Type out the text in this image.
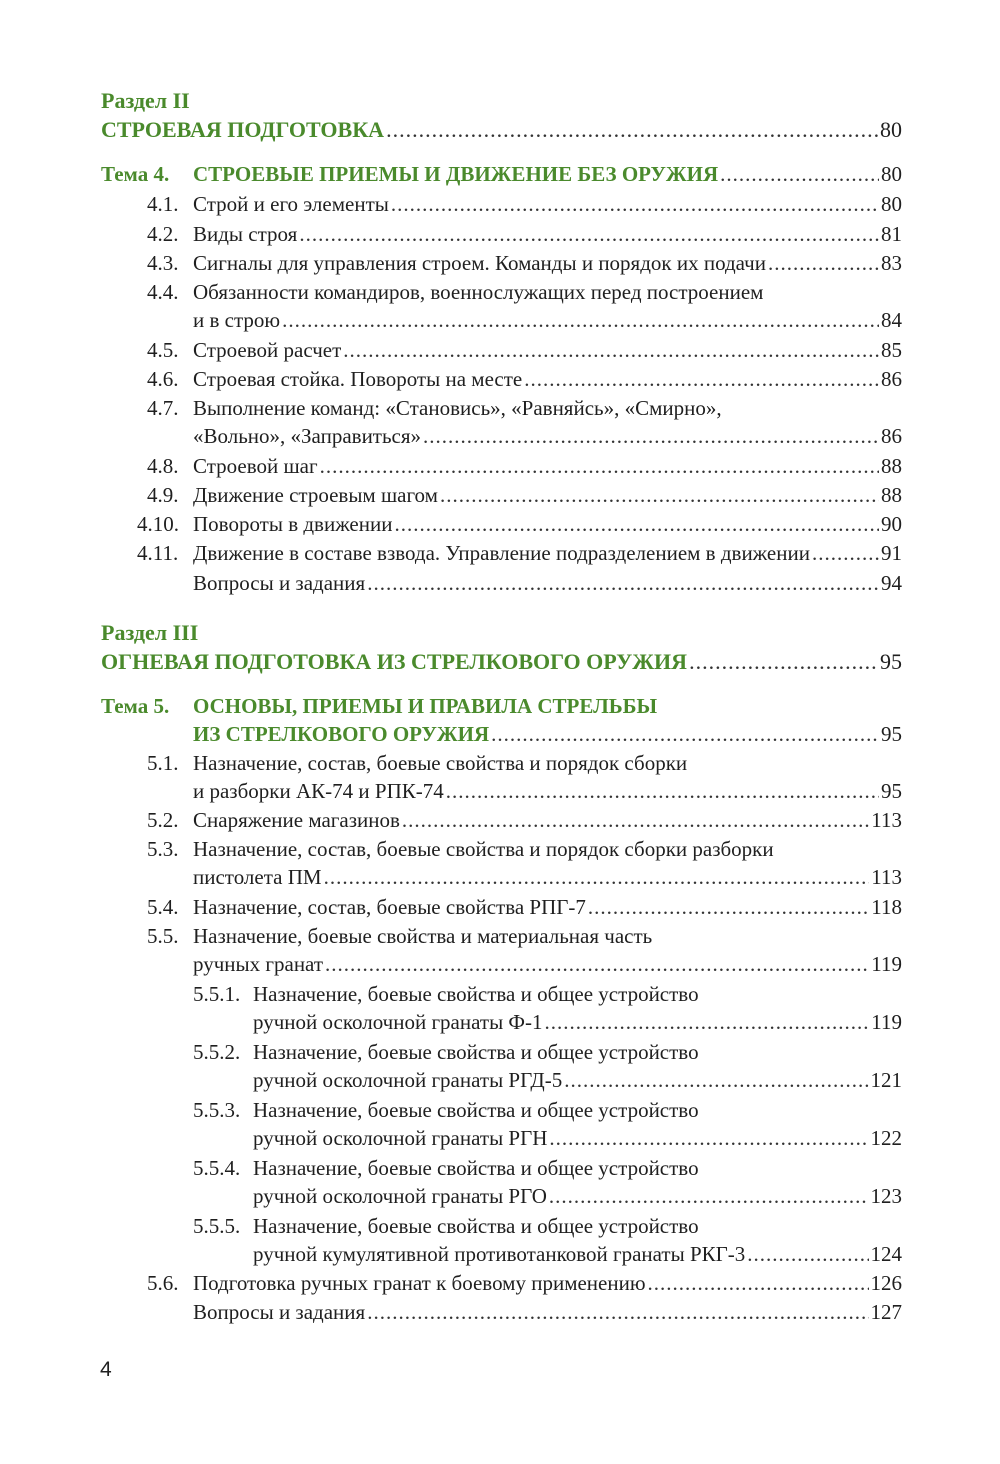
Раздел II
СТРОЕВАЯ ПОДГОТОВКА .....	80
Тема 4. СТРОЕВЫЕ ПРИЕМЫ И ДВИЖЕНИЕ БЕЗ ОРУЖИЯ .....	80
4.1. Строй и его элементы .....	80
4.2. Виды строя .....	81
4.3. Сигналы для управления строем. Команды и порядок их подачи .....	83
4.4. Обязанности командиров, военнослужащих перед построением
и в строю .....	84
4.5. Строевой расчет .....	85
4.6. Строевая стойка. Повороты на месте .....	86
4.7. Выполнение команд: «Становись», «Равняйсь», «Смирно»,
«Вольно», «Заправиться» .....	86
4.8. Строевой шаг .....	88
4.9. Движение строевым шагом .....	88
4.10. Повороты в движении .....	90
4.11. Движение в составе взвода. Управление подразделением в движении .....	91
Вопросы и задания .....	94
Раздел III
ОГНЕВАЯ ПОДГОТОВКА ИЗ СТРЕЛКОВОГО ОРУЖИЯ .....	95
Тема 5. ОСНОВЫ, ПРИЕМЫ И ПРАВИЛА СТРЕЛЬБЫ
ИЗ СТРЕЛКОВОГО ОРУЖИЯ .....	95
5.1. Назначение, состав, боевые свойства и порядок сборки
и разборки АК-74 и РПК-74 .....	95
5.2. Снаряжение магазинов .....	113
5.3. Назначение, состав, боевые свойства и порядок сборки разборки
пистолета ПМ .....	113
5.4. Назначение, состав, боевые свойства РПГ-7 .....	118
5.5. Назначение, боевые свойства и материальная часть
ручных гранат .....	119
5.5.1. Назначение, боевые свойства и общее устройство
ручной осколочной гранаты Ф-1 .....	119
5.5.2. Назначение, боевые свойства и общее устройство
ручной осколочной гранаты РГД-5 .....	121
5.5.3. Назначение, боевые свойства и общее устройство
ручной осколочной гранаты РГН .....	122
5.5.4. Назначение, боевые свойства и общее устройство
ручной осколочной гранаты РГО .....	123
5.5.5. Назначение, боевые свойства и общее устройство
ручной кумулятивной противотанковой гранаты РКГ-3 .....	124
5.6. Подготовка ручных гранат к боевому применению .....	126
Вопросы и задания .....	127
4
